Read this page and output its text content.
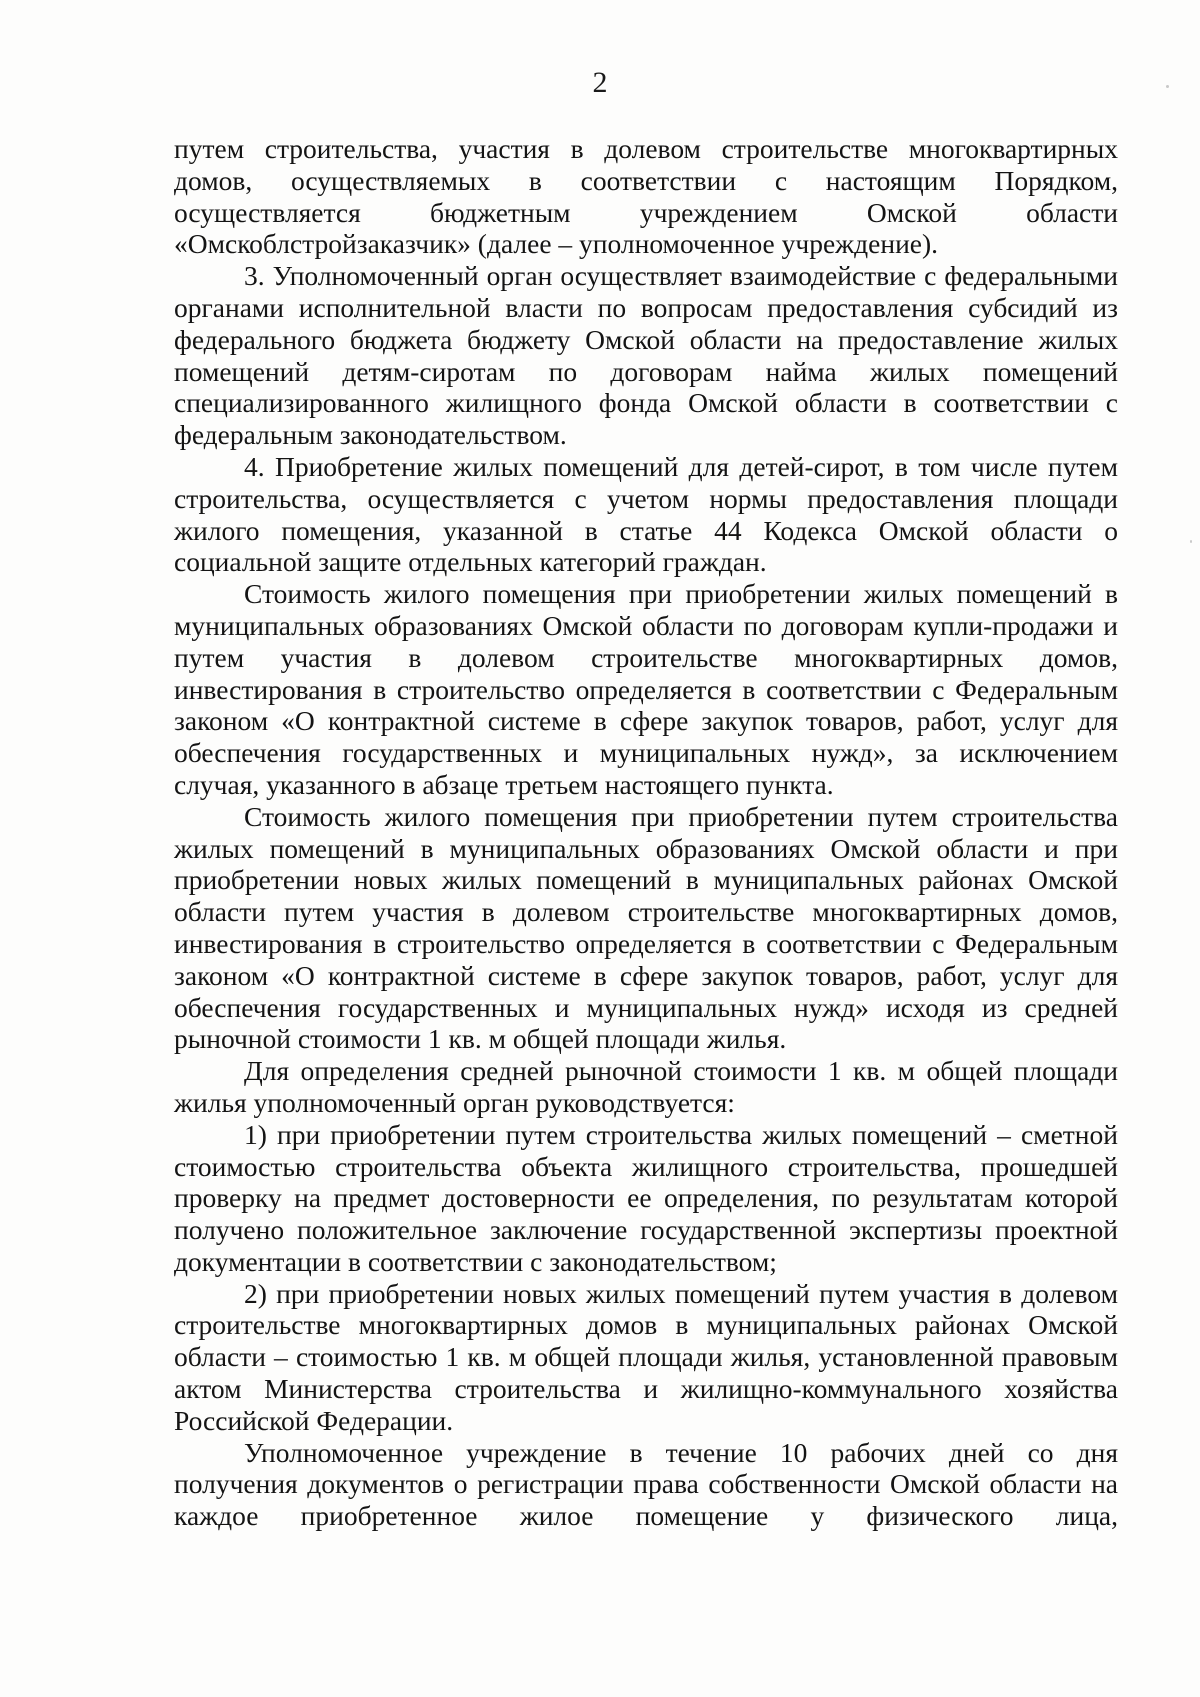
2

путем строительства, участия в долевом строительстве многоквартирных домов, осуществляемых в соответствии с настоящим Порядком, осуществляется бюджетным учреждением Омской области «Омскоблстройзаказчик» (далее – уполномоченное учреждение).

3. Уполномоченный орган осуществляет взаимодействие с федеральными органами исполнительной власти по вопросам предоставления субсидий из федерального бюджета бюджету Омской области на предоставление жилых помещений детям-сиротам по договорам найма жилых помещений специализированного жилищного фонда Омской области в соответствии с федеральным законодательством.

4. Приобретение жилых помещений для детей-сирот, в том числе путем строительства, осуществляется с учетом нормы предоставления площади жилого помещения, указанной в статье 44 Кодекса Омской области о социальной защите отдельных категорий граждан.

Стоимость жилого помещения при приобретении жилых помещений в муниципальных образованиях Омской области по договорам купли-продажи и путем участия в долевом строительстве многоквартирных домов, инвестирования в строительство определяется в соответствии с Федеральным законом «О контрактной системе в сфере закупок товаров, работ, услуг для обеспечения государственных и муниципальных нужд», за исключением случая, указанного в абзаце третьем настоящего пункта.

Стоимость жилого помещения при приобретении путем строительства жилых помещений в муниципальных образованиях Омской области и при приобретении новых жилых помещений в муниципальных районах Омской области путем участия в долевом строительстве многоквартирных домов, инвестирования в строительство определяется в соответствии с Федеральным законом «О контрактной системе в сфере закупок товаров, работ, услуг для обеспечения государственных и муниципальных нужд» исходя из средней рыночной стоимости 1 кв. м общей площади жилья.

Для определения средней рыночной стоимости 1 кв. м общей площади жилья уполномоченный орган руководствуется:

1) при приобретении путем строительства жилых помещений – сметной стоимостью строительства объекта жилищного строительства, прошедшей проверку на предмет достоверности ее определения, по результатам которой получено положительное заключение государственной экспертизы проектной документации в соответствии с законодательством;

2) при приобретении новых жилых помещений путем участия в долевом строительстве многоквартирных домов в муниципальных районах Омской области – стоимостью 1 кв. м общей площади жилья, установленной правовым актом Министерства строительства и жилищно-коммунального хозяйства Российской Федерации.

Уполномоченное учреждение в течение 10 рабочих дней со дня получения документов о регистрации права собственности Омской области на каждое приобретенное жилое помещение у физического лица,
